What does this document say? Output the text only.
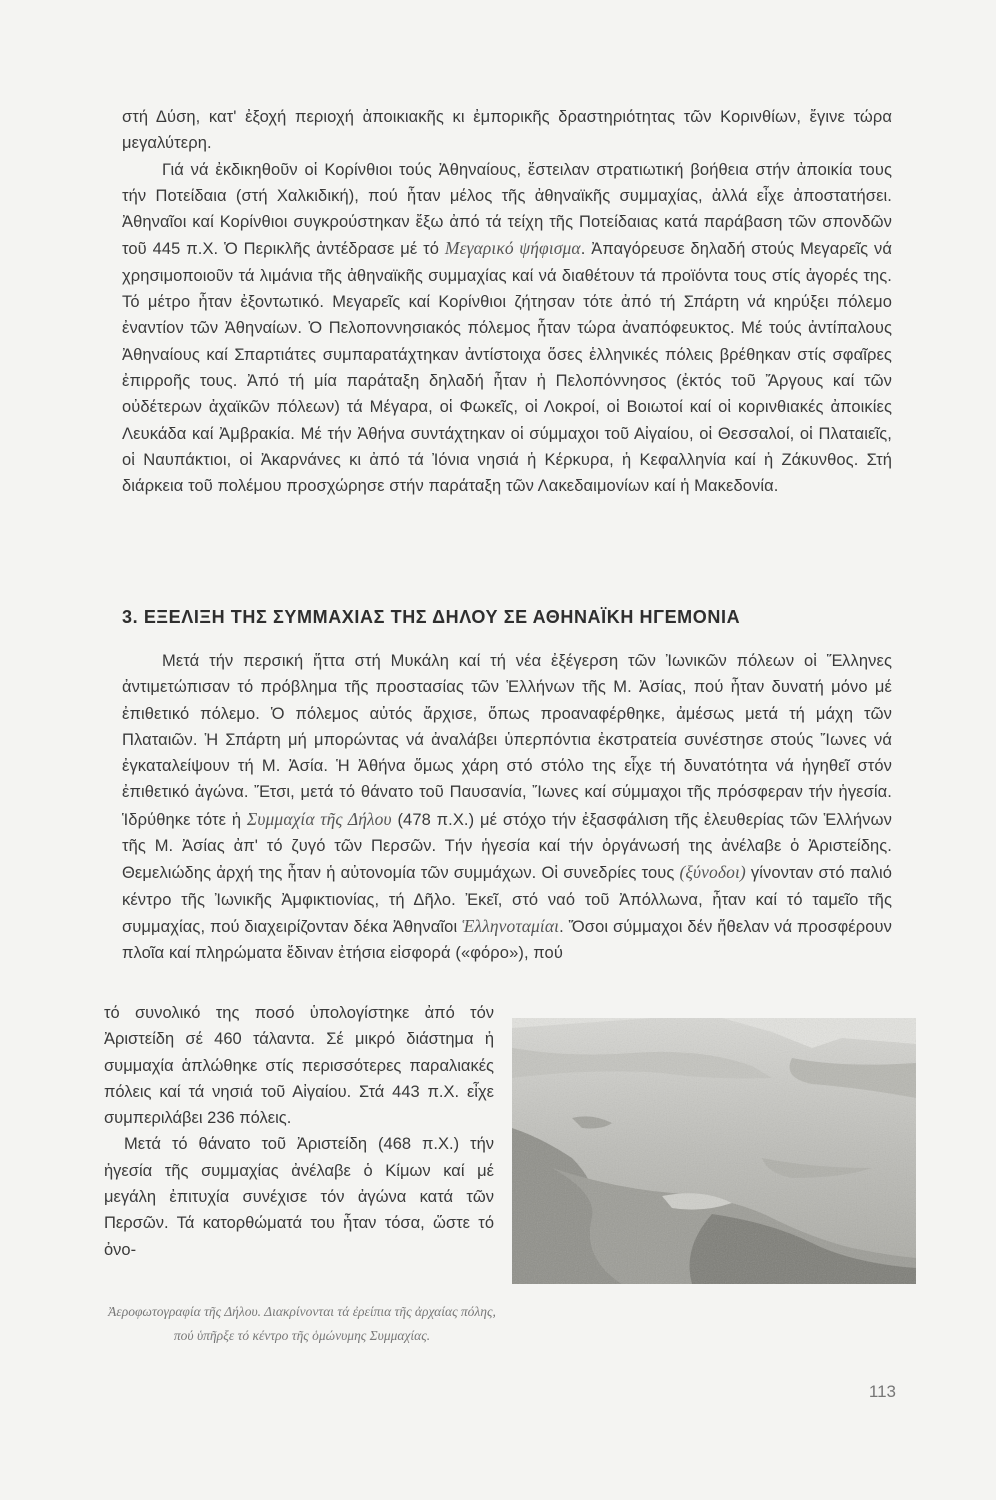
στή Δύση, κατ' ἐξοχή περιοχή ἀποικιακῆς κι ἐμπορικῆς δραστηριότητας τῶν Κορινθίων, ἔγινε τώρα μεγαλύτερη.

Γιά νά ἐκδικηθοῦν οἱ Κορίνθιοι τούς Ἀθηναίους, ἔστειλαν στρατιωτική βοήθεια στήν ἀποικία τους τήν Ποτείδαια (στή Χαλκιδική), πού ἦταν μέλος τῆς ἀθηναϊκῆς συμμαχίας, ἀλλά εἶχε ἀποστατήσει. Ἀθηναῖοι καί Κορίνθιοι συγκρούστηκαν ἔξω ἀπό τά τείχη τῆς Ποτείδαιας κατά παράβαση τῶν σπονδῶν τοῦ 445 π.Χ. Ὁ Περικλῆς ἀντέδρασε μέ τό Μεγαρικό ψήφισμα. Ἀπαγόρευσε δηλαδή στούς Μεγαρεῖς νά χρησιμοποιοῦν τά λιμάνια τῆς ἀθηναϊκῆς συμμαχίας καί νά διαθέτουν τά προϊόντα τους στίς ἀγορές της. Τό μέτρο ἦταν ἐξοντωτικό. Μεγαρεῖς καί Κορίνθιοι ζήτησαν τότε ἀπό τή Σπάρτη νά κηρύξει πόλεμο ἐναντίον τῶν Ἀθηναίων. Ὁ Πελοποννησιακός πόλεμος ἦταν τώρα ἀναπόφευκτος. Μέ τούς ἀντίπαλους Ἀθηναίους καί Σπαρτιάτες συμπαρατάχτηκαν ἀντίστοιχα ὅσες ἑλληνικές πόλεις βρέθηκαν στίς σφαῖρες ἐπιρροῆς τους. Ἀπό τή μία παράταξη δηλαδή ἦταν ἡ Πελοπόννησος (ἐκτός τοῦ Ἄργους καί τῶν οὐδέτερων ἀχαϊκῶν πόλεων) τά Μέγαρα, οἱ Φωκεῖς, οἱ Λοκροί, οἱ Βοιωτοί καί οἱ κορινθιακές ἀποικίες Λευκάδα καί Ἀμβρακία. Μέ τήν Ἀθήνα συντάχτηκαν οἱ σύμμαχοι τοῦ Αἰγαίου, οἱ Θεσσαλοί, οἱ Πλαταιεῖς, οἱ Ναυπάκτιοι, οἱ Ἀκαρνάνες κι ἀπό τά Ἰόνια νησιά ἡ Κέρκυρα, ἡ Κεφαλληνία καί ἡ Ζάκυνθος. Στή διάρκεια τοῦ πολέμου προσχώρησε στήν παράταξη τῶν Λακεδαιμονίων καί ἡ Μακεδονία.

3. ΕΞΕΛΙΞΗ ΤΗΣ ΣΥΜΜΑΧΙΑΣ ΤΗΣ ΔΗΛΟΥ ΣΕ ΑΘΗΝΑΪΚΗ ΗΓΕΜΟΝΙΑ

Μετά τήν περσική ἥττα στή Μυκάλη καί τή νέα ἐξέγερση τῶν Ἰωνικῶν πόλεων οἱ Ἕλληνες ἀντιμετώπισαν τό πρόβλημα τῆς προστασίας τῶν Ἑλλήνων τῆς Μ. Ἀσίας, πού ἦταν δυνατή μόνο μέ ἐπιθετικό πόλεμο. Ὁ πόλεμος αὐτός ἄρχισε, ὅπως προαναφέρθηκε, ἀμέσως μετά τή μάχη τῶν Πλαταιῶν. Ἡ Σπάρτη μή μπορώντας νά ἀναλάβει ὑπερπόντια ἐκστρατεία συνέστησε στούς Ἴωνες νά ἐγκαταλείψουν τή Μ. Ἀσία. Ἡ Ἀθήνα ὅμως χάρη στό στόλο της εἶχε τή δυνατότητα νά ἡγηθεῖ στόν ἐπιθετικό ἀγώνα. Ἔτσι, μετά τό θάνατο τοῦ Παυσανία, Ἴωνες καί σύμμαχοι τῆς πρόσφεραν τήν ἡγεσία. Ἱδρύθηκε τότε ἡ Συμμαχία τῆς Δήλου (478 π.Χ.) μέ στόχο τήν ἐξασφάλιση τῆς ἐλευθερίας τῶν Ἑλλήνων τῆς Μ. Ἀσίας ἀπ' τό ζυγό τῶν Περσῶν. Τήν ἡγεσία καί τήν ὀργάνωσή της ἀνέλαβε ὁ Ἀριστείδης. Θεμελιώδης ἀρχή της ἦταν ἡ αὐτονομία τῶν συμμάχων. Οἱ συνεδρίες τους (ξύνοδοι) γίνονταν στό παλιό κέντρο τῆς Ἰωνικῆς Ἀμφικτιονίας, τή Δῆλο. Ἐκεῖ, στό ναό τοῦ Ἀπόλλωνα, ἦταν καί τό ταμεῖο τῆς συμμαχίας, πού διαχειρίζονταν δέκα Ἀθηναῖοι Ἑλληνοταμίαι. Ὅσοι σύμμαχοι δέν ἤθελαν νά προσφέρουν πλοῖα καί πληρώματα ἔδιναν ἐτήσια εἰσφορά («φόρο»), πού

τό συνολικό της ποσό ὑπολογίστηκε ἀπό τόν Ἀριστείδη σέ 460 τάλαντα. Σέ μικρό διάστημα ἡ συμμαχία ἁπλώθηκε στίς περισσότερες παραλιακές πόλεις καί τά νησιά τοῦ Αἰγαίου. Στά 443 π.Χ. εἶχε συμπεριλάβει 236 πόλεις.

Μετά τό θάνατο τοῦ Ἀριστείδη (468 π.Χ.) τήν ἡγεσία τῆς συμμαχίας ἀνέλαβε ὁ Κίμων καί μέ μεγάλη ἐπιτυχία συνέχισε τόν ἀγώνα κατά τῶν Περσῶν. Τά κατορθώματά του ἦταν τόσα, ὥστε τό ὀνο-

Ἀεροφωτογραφία τῆς Δήλου. Διακρίνονται τά ἐρείπια τῆς ἀρχαίας πόλης, πού ὑπῆρξε τό κέντρο τῆς ὁμώνυμης Συμμαχίας.
113
